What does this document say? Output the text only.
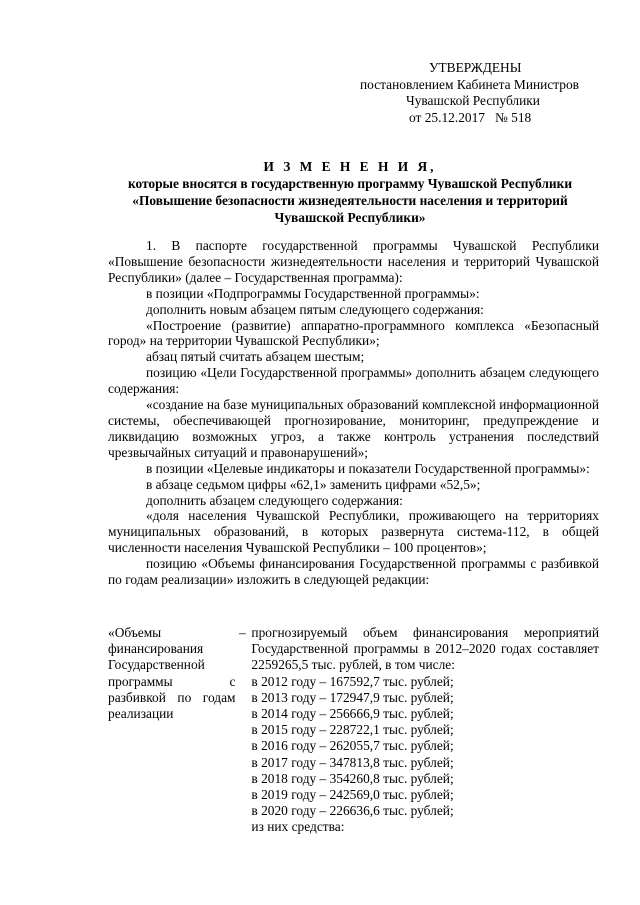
УТВЕРЖДЕНЫ
постановлением Кабинета Министров
Чувашской Республики
от 25.12.2017   № 518
И З М Е Н Е Н И Я,
которые вносятся в государственную программу Чувашской Республики
«Повышение безопасности жизнедеятельности населения и территорий
Чувашской Республики»

1. В паспорте государственной программы Чувашской Республики «Повышение безопасности жизнедеятельности населения и территорий Чувашской Республики» (далее – Государственная программа):

в позиции «Подпрограммы Государственной программы»:

дополнить новым абзацем пятым следующего содержания:

«Построение (развитие) аппаратно-программного комплекса «Безопасный город» на территории Чувашской Республики»;

абзац пятый считать абзацем шестым;

позицию «Цели Государственной программы» дополнить абзацем следующего содержания:

«создание на базе муниципальных образований комплексной информационной системы, обеспечивающей прогнозирование, мониторинг, предупреждение и ликвидацию возможных угроз, а также контроль устранения последствий чрезвычайных ситуаций и правонарушений»;

в позиции «Целевые индикаторы и показатели Государственной программы»:

в абзаце седьмом цифры «62,1» заменить цифрами «52,5»;

дополнить абзацем следующего содержания:

«доля населения Чувашской Республики, проживающего на территориях муниципальных образований, в которых развернута система-112, в общей численности населения Чувашской Республики – 100 процентов»;

позицию «Объемы финансирования Государственной программы с разбивкой по годам реализации» изложить в следующей редакции:

«Объемы финансирования Государственной программы с разбивкой по годам реализации
– прогнозируемый объем финансирования мероприятий Государственной программы в 2012–2020 годах составляет 2259265,5 тыс. рублей, в том числе:
в 2012 году – 167592,7 тыс. рублей;
в 2013 году – 172947,9 тыс. рублей;
в 2014 году – 256666,9 тыс. рублей;
в 2015 году – 228722,1 тыс. рублей;
в 2016 году – 262055,7 тыс. рублей;
в 2017 году – 347813,8 тыс. рублей;
в 2018 году – 354260,8 тыс. рублей;
в 2019 году – 242569,0 тыс. рублей;
в 2020 году – 226636,6 тыс. рублей;
из них средства:
